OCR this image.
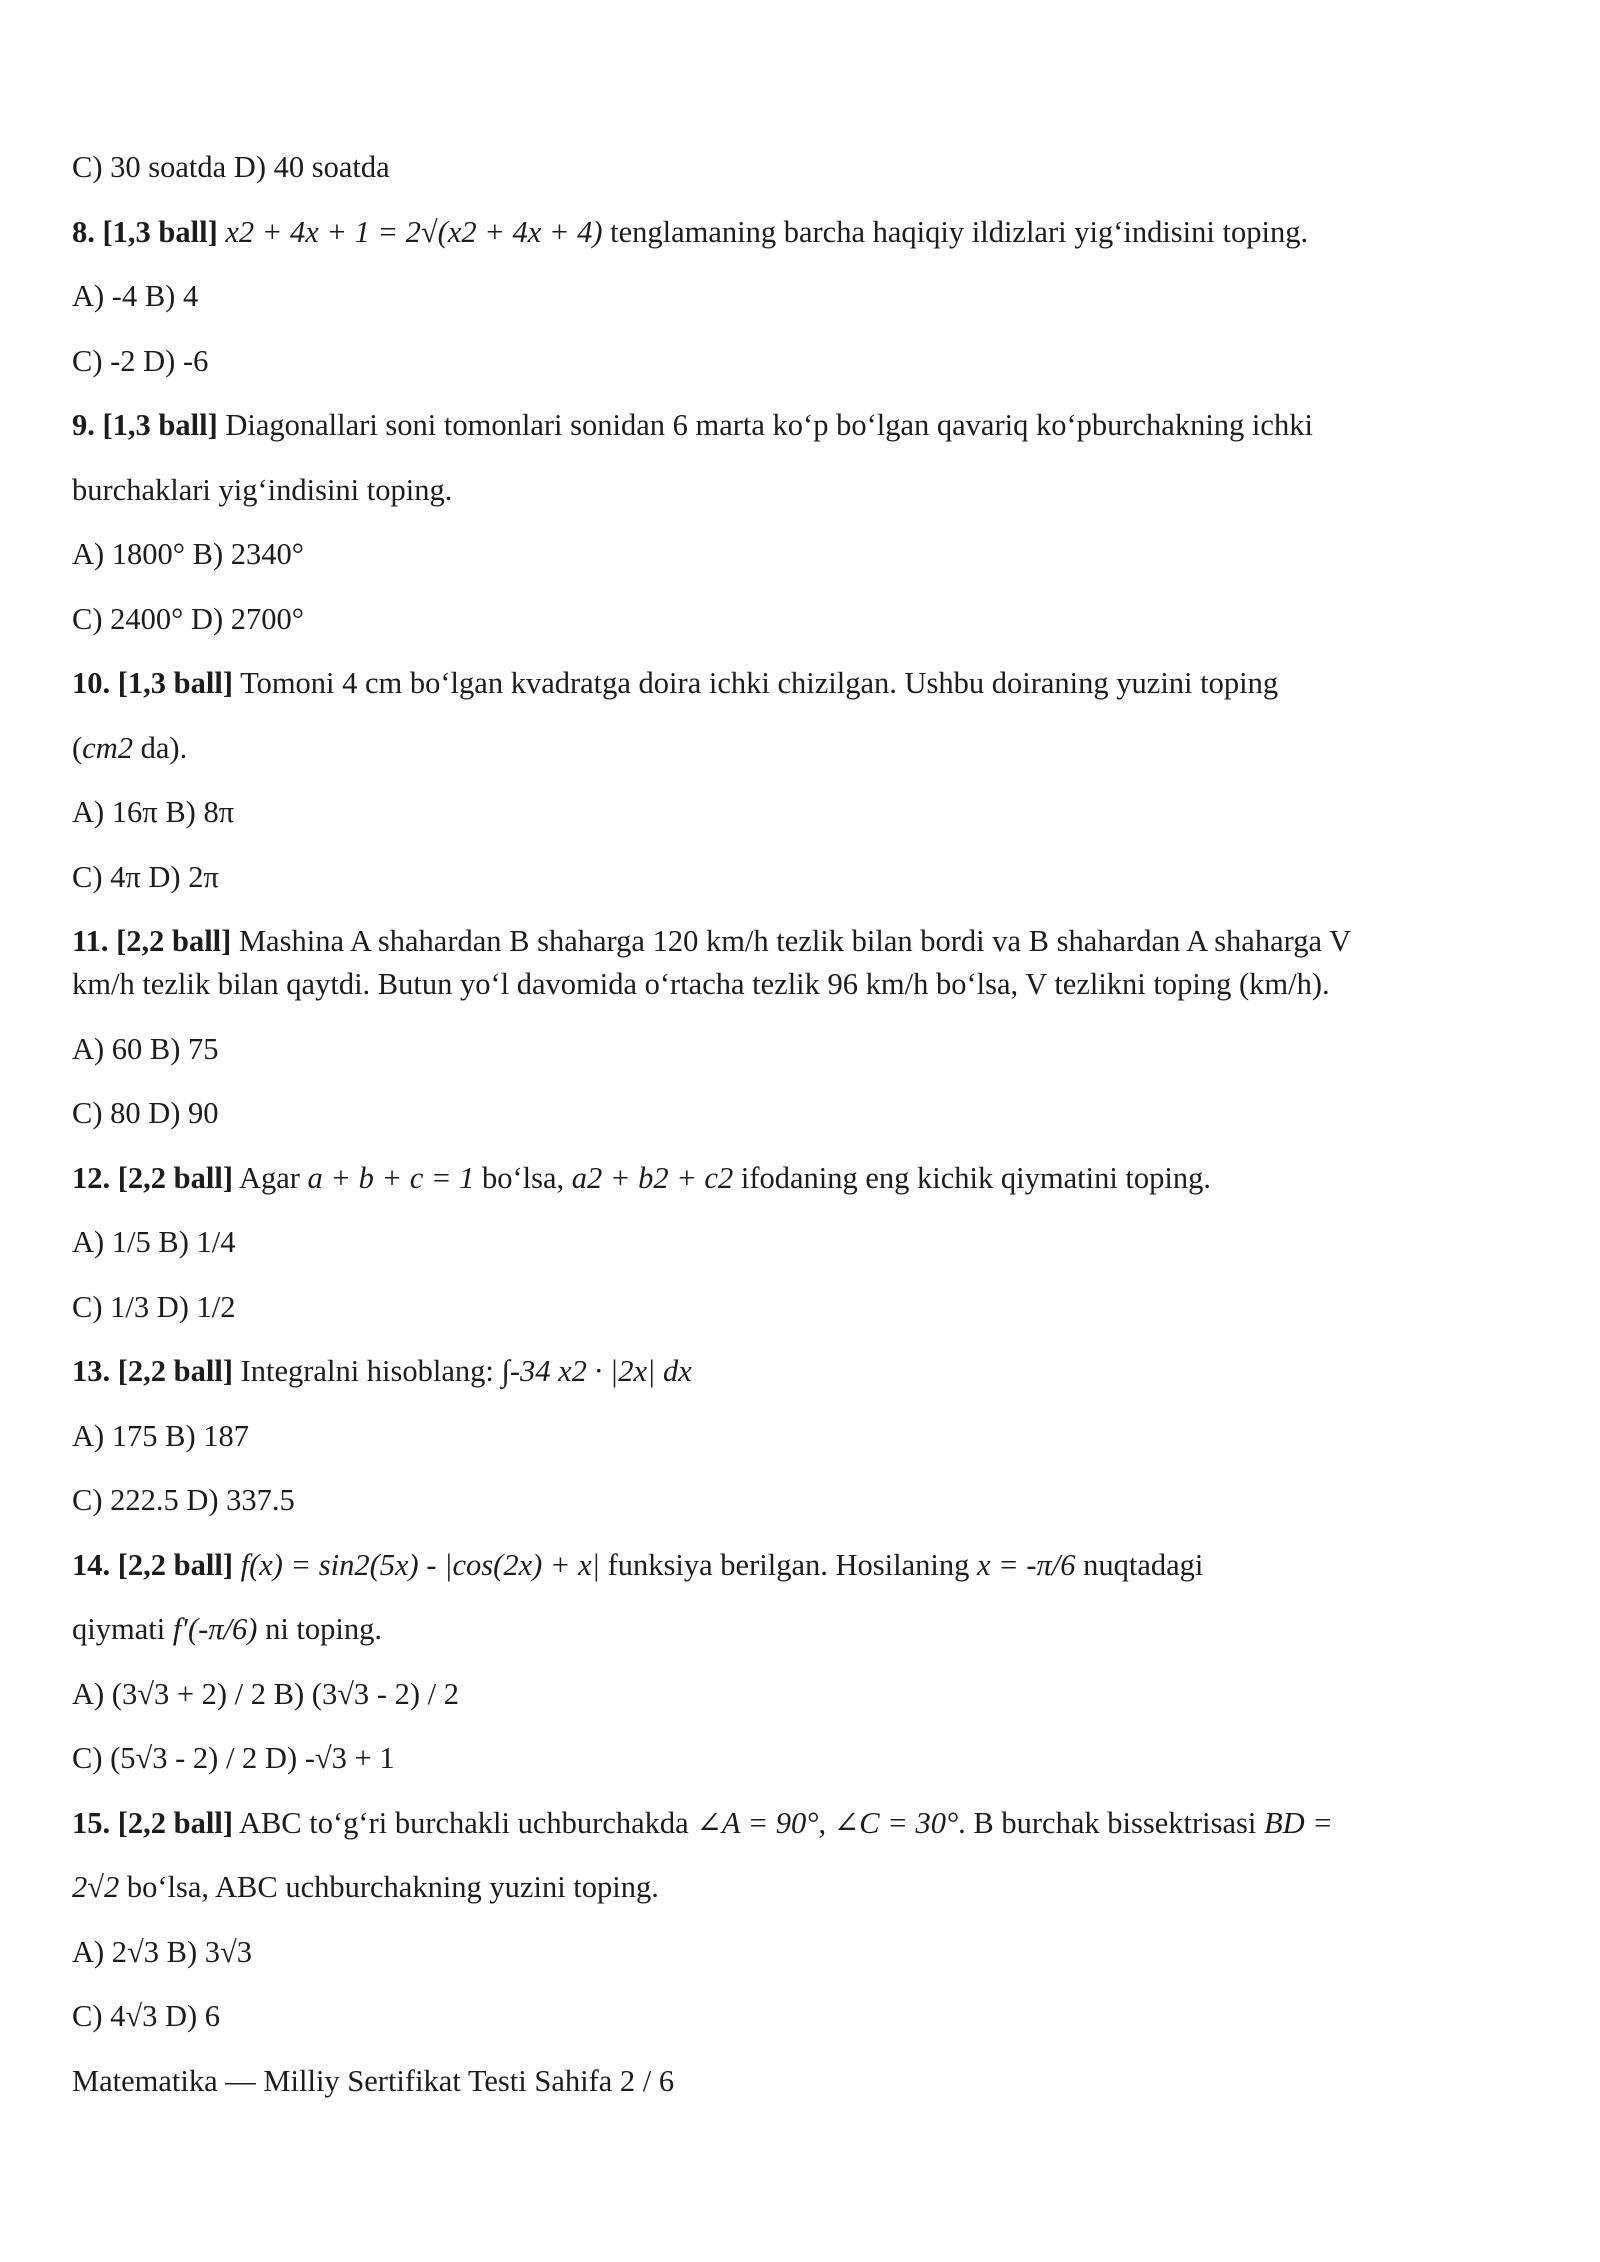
C) 30 soatda D) 40 soatda

8. [1,3 ball] x2 + 4x + 1 = 2√(x2 + 4x + 4) tenglamaning barcha haqiqiy ildizlari yig‘indisini toping.

A) -4 B) 4

C) -2 D) -6

9. [1,3 ball] Diagonallari soni tomonlari sonidan 6 marta ko‘p bo‘lgan qavariq ko‘pburchakning ichki

burchaklari yig‘indisini toping.

A) 1800° B) 2340°

C) 2400° D) 2700°

10. [1,3 ball] Tomoni 4 cm bo‘lgan kvadratga doira ichki chizilgan. Ushbu doiraning yuzini toping

(cm2 da).

A) 16π B) 8π

C) 4π D) 2π

11. [2,2 ball] Mashina A shahardan B shaharga 120 km/h tezlik bilan bordi va B shahardan A shaharga V

km/h tezlik bilan qaytdi. Butun yo‘l davomida o‘rtacha tezlik 96 km/h bo‘lsa, V tezlikni toping (km/h).

A) 60 B) 75

C) 80 D) 90

12. [2,2 ball] Agar a + b + c = 1 bo‘lsa, a2 + b2 + c2 ifodaning eng kichik qiymatini toping.

A) 1/5 B) 1/4

C) 1/3 D) 1/2

13. [2,2 ball] Integralni hisoblang: ∫-34 x2 · |2x| dx

A) 175 B) 187

C) 222.5 D) 337.5

14. [2,2 ball] f(x) = sin2(5x) - |cos(2x) + x| funksiya berilgan. Hosilaning x = -π/6 nuqtadagi

qiymati f′(-π/6) ni toping.

A) (3√3 + 2) / 2 B) (3√3 - 2) / 2

C) (5√3 - 2) / 2 D) -√3 + 1

15. [2,2 ball] ABC to‘g‘ri burchakli uchburchakda ∠A = 90°, ∠C = 30°. B burchak bissektrisasi BD =

2√2 bo‘lsa, ABC uchburchakning yuzini toping.

A) 2√3 B) 3√3

C) 4√3 D) 6

Matematika — Milliy Sertifikat Testi Sahifa 2 / 6
